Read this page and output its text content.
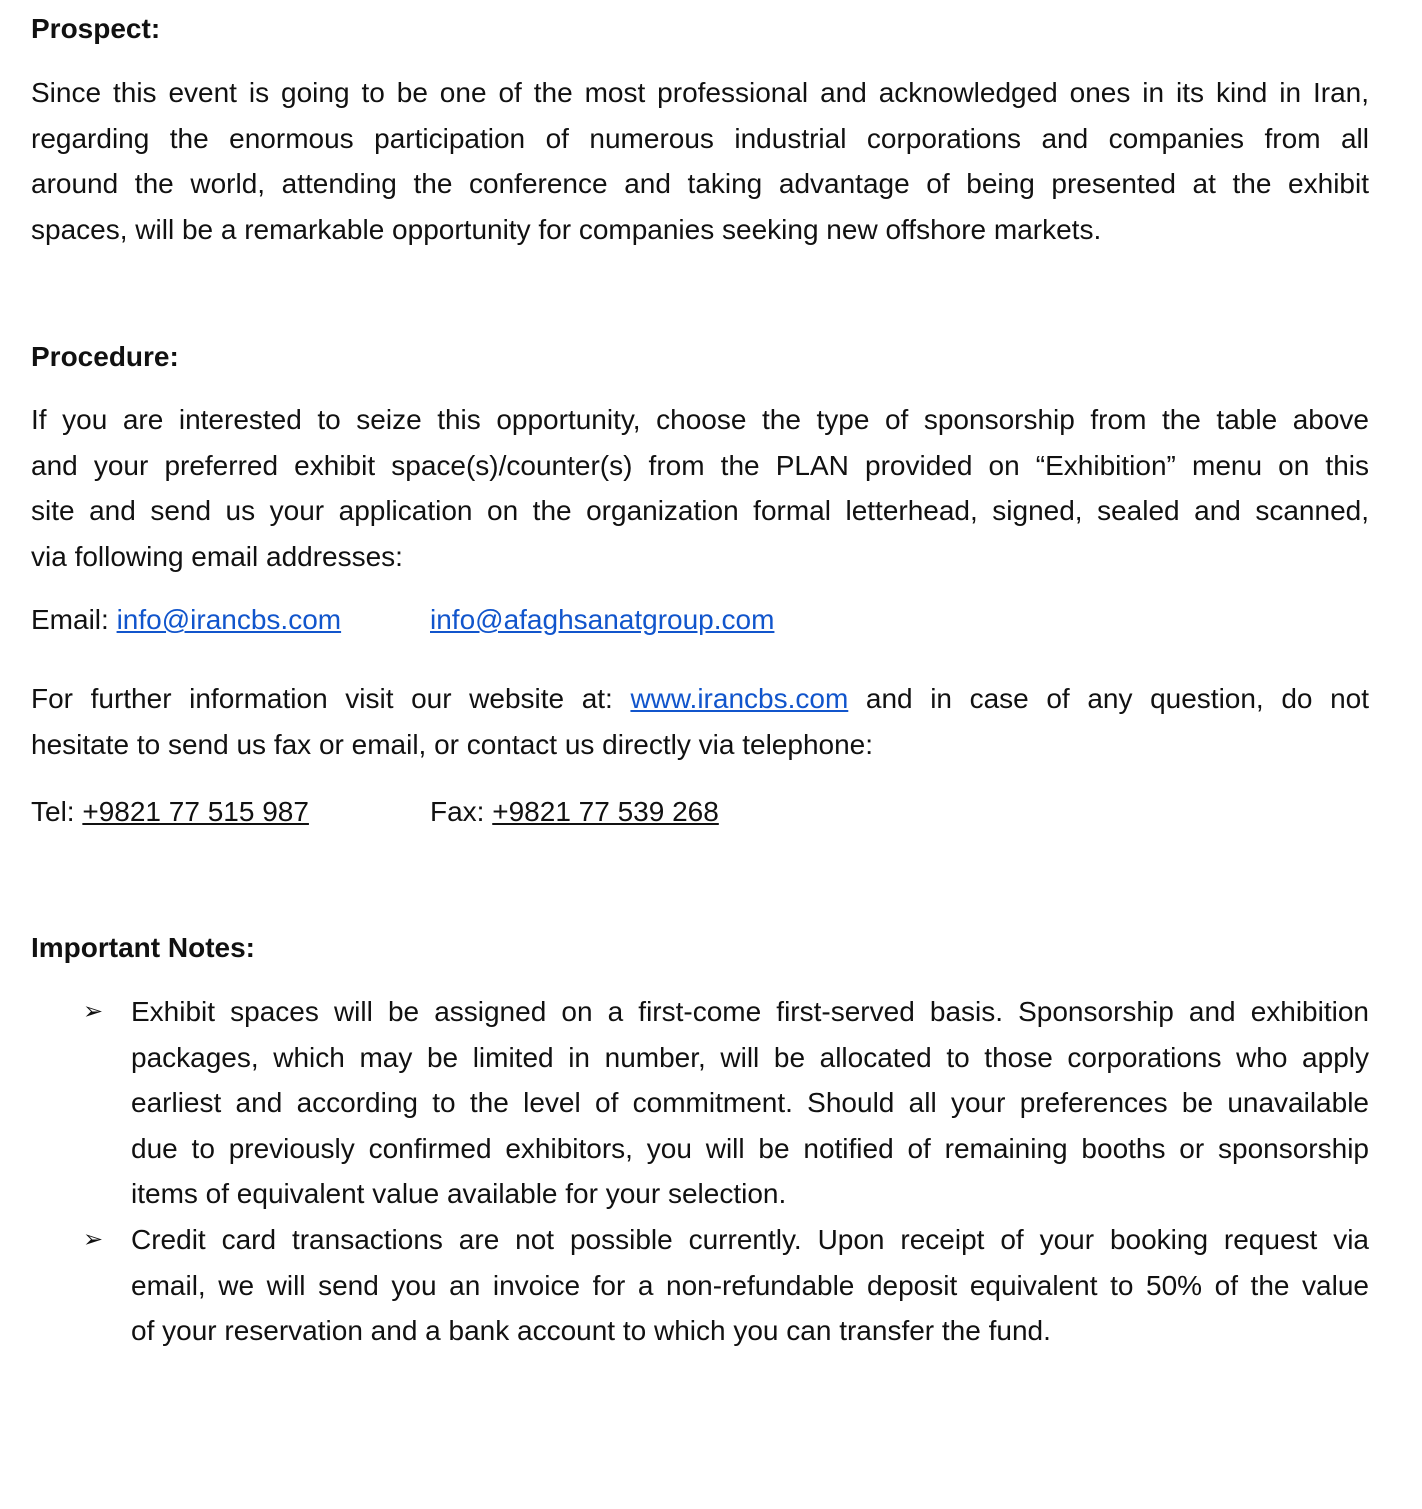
Prospect:
Since this event is going to be one of the most professional and acknowledged ones in its kind in Iran,
regarding the enormous participation of numerous industrial corporations and companies from all
around the world, attending the conference and taking advantage of being presented at the exhibit
spaces, will be a remarkable opportunity for companies seeking new offshore markets.
Procedure:
If you are interested to seize this opportunity, choose the type of sponsorship from the table above
and your preferred exhibit space(s)/counter(s) from the PLAN provided on “Exhibition” menu on this
site and send us your application on the organization formal letterhead, signed, sealed and scanned,
via following email addresses:
Email: info@irancbs.com	info@afaghsanatgroup.com
For further information visit our website at: www.irancbs.com and in case of any question, do not
hesitate to send us fax or email, or contact us directly via telephone:
Tel: +9821 77 515 987	Fax: +9821 77 539 268
Important Notes:
➢ Exhibit spaces will be assigned on a first-come first-served basis. Sponsorship and exhibition
packages, which may be limited in number, will be allocated to those corporations who apply
earliest and according to the level of commitment. Should all your preferences be unavailable
due to previously confirmed exhibitors, you will be notified of remaining booths or sponsorship
items of equivalent value available for your selection.
➢ Credit card transactions are not possible currently. Upon receipt of your booking request via
email, we will send you an invoice for a non-refundable deposit equivalent to 50% of the value
of your reservation and a bank account to which you can transfer the fund.
